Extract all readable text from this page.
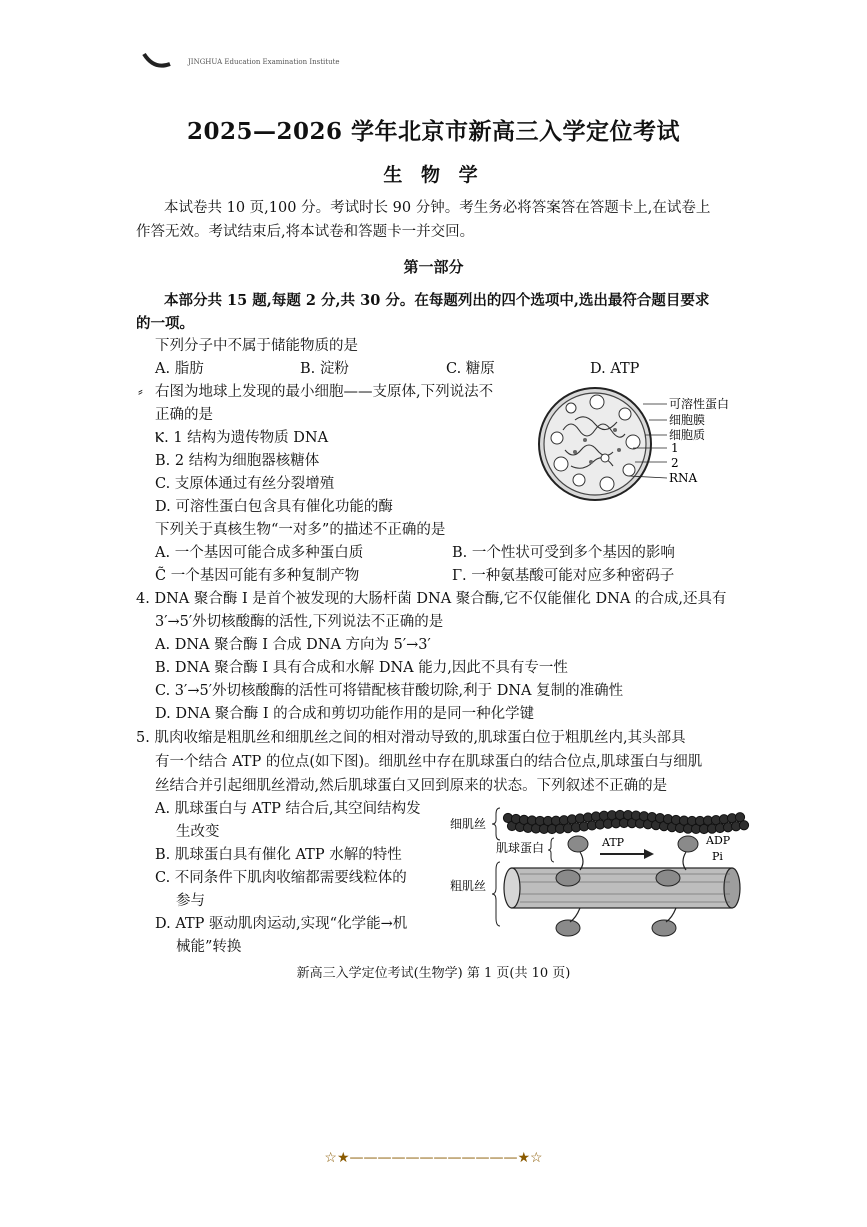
JINGHUA Education Examination Institute
2025—2026 学年北京市新高三入学定位考试
生 物 学
本试卷共 10 页,100 分。考试时长 90 分钟。考生务必将答案答在答题卡上,在试卷上
作答无效。考试结束后,将本试卷和答题卡一并交回。
第一部分
本部分共 15 题,每题 2 分,共 30 分。在每题列出的四个选项中,选出最符合题目要求
的一项。
下列分子中不属于储能物质的是
A. 脂肪	B. 淀粉	C. 糖原	D. ATP
⸗ 右图为地球上发现的最小细胞——支原体,下列说法不
正确的是
Ⲕ. 1 结构为遗传物质 DNA
B. 2 结构为细胞器核糖体
C. 支原体通过有丝分裂增殖
D. 可溶性蛋白包含具有催化功能的酶
可溶性蛋白
细胞膜
细胞质
1
2
RNA
下列关于真核生物“一对多”的描述不正确的是
A. 一个基因可能合成多种蛋白质	B. 一个性状可受到多个基因的影响
C̃ 一个基因可能有多种复制产物	Γ. 一种氨基酸可能对应多种密码子
4. DNA 聚合酶 I 是首个被发现的大肠杆菌 DNA 聚合酶,它不仅能催化 DNA 的合成,还具有
3′→5′外切核酸酶的活性,下列说法不正确的是
A. DNA 聚合酶 I 合成 DNA 方向为 5′→3′
B. DNA 聚合酶 I 具有合成和水解 DNA 能力,因此不具有专一性
C. 3′→5′外切核酸酶的活性可将错配核苷酸切除,利于 DNA 复制的准确性
D. DNA 聚合酶 I 的合成和剪切功能作用的是同一种化学键
5. 肌肉收缩是粗肌丝和细肌丝之间的相对滑动导致的,肌球蛋白位于粗肌丝内,其头部具
有一个结合 ATP 的位点(如下图)。细肌丝中存在肌球蛋白的结合位点,肌球蛋白与细肌
丝结合并引起细肌丝滑动,然后肌球蛋白又回到原来的状态。下列叙述不正确的是
A. 肌球蛋白与 ATP 结合后,其空间结构发
生改变
B. 肌球蛋白具有催化 ATP 水解的特性
C. 不同条件下肌肉收缩都需要线粒体的
参与
D. ATP 驱动肌肉运动,实现“化学能→机
械能”转换
细肌丝
粗肌丝
肌球蛋白	ATP	ADP
Pi
新高三入学定位考试(生物学) 第 1 页(共 10 页)
☆★————————————★☆
